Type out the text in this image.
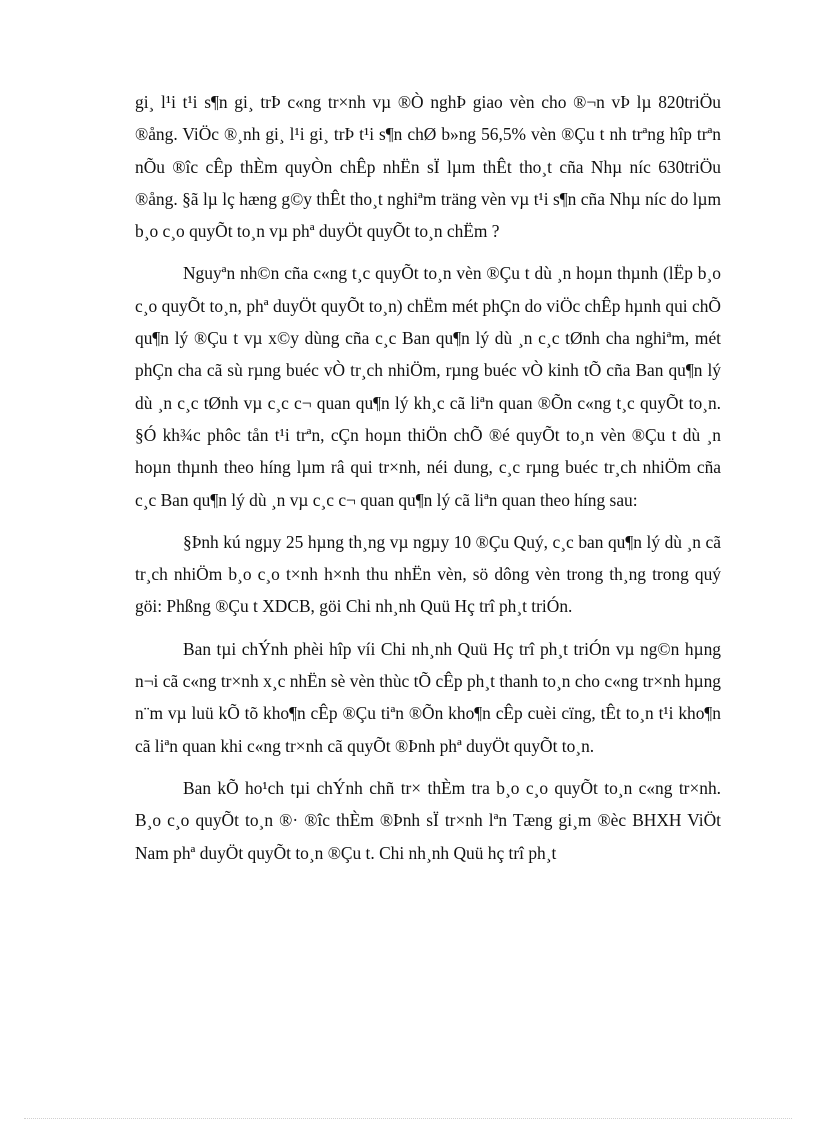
gi¸ l¹i t¹i s¶n gi¸ trÞ c«ng tr×nh vµ ®Ò nghÞ giao vèn cho ®¬n vÞ lµ 820triÖu ®ång. ViÖc ®¸nh gi¸ l¹i gi¸ trÞ t¹i s¶n chØ b»ng 56,5% vèn ®Çu t nh trªng hîp trªn nÕu ®îc cÊp thÈm quyÒn chÊp nhËn sÏ lµm thÊt tho¸t cña Nhµ níc 630triÖu ®ång. §ã lµ lç hæng g©y thÊt tho¸t nghiªm träng vèn vµ t¹i s¶n cña Nhµ níc do lµm b¸o c¸o quyÕt to¸n vµ phª duyÖt quyÕt to¸n chËm ?

Nguyªn nh©n cña c«ng t¸c quyÕt to¸n vèn ®Çu t dù ¸n hoµn thµnh (lËp b¸o c¸o quyÕt to¸n, phª duyÖt quyÕt to¸n) chËm mét phÇn do viÖc chÊp hµnh qui chÕ qu¶n lý ®Çu t vµ x©y dùng cña c¸c Ban qu¶n lý dù ¸n c¸c tØnh cha nghiªm, mét phÇn cha cã sù rµng buéc vÒ tr¸ch nhiÖm, rµng buéc vÒ kinh tÕ cña Ban qu¶n lý dù ¸n c¸c tØnh vµ c¸c c¬ quan qu¶n lý kh¸c cã liªn quan ®Õn c«ng t¸c quyÕt to¸n. §Ó kh¾c phôc tån t¹i trªn, cÇn hoµn thiÖn chÕ ®é quyÕt to¸n vèn ®Çu t dù ¸n hoµn thµnh theo híng lµm râ qui tr×nh, néi dung, c¸c rµng buéc tr¸ch nhiÖm cña c¸c Ban qu¶n lý dù ¸n vµ c¸c c¬ quan qu¶n lý cã liªn quan theo híng sau:

§Þnh kú ngµy 25 hµng th¸ng vµ ngµy 10 ®Çu Quý, c¸c ban qu¶n lý dù ¸n cã tr¸ch nhiÖm b¸o c¸o t×nh h×nh thu nhËn vèn, sö dông vèn trong th¸ng trong quý göi: Phßng ®Çu t XDCB, göi Chi nh¸nh Quü Hç trî ph¸t triÓn.

Ban tµi chÝnh phèi hîp víi Chi nh¸nh Quü Hç trî ph¸t triÓn vµ ng©n hµng n¬i cã c«ng tr×nh x¸c nhËn sè vèn thùc tÕ cÊp ph¸t thanh to¸n cho c«ng tr×nh hµng n¨m vµ luü kÕ tõ kho¶n cÊp ®Çu tiªn ®Õn kho¶n cÊp cuèi cïng, tÊt to¸n t¹i kho¶n cã liªn quan khi c«ng tr×nh cã quyÕt ®Þnh phª duyÖt quyÕt to¸n.

Ban kÕ ho¹ch tµi chÝnh chñ tr× thÈm tra b¸o c¸o quyÕt to¸n c«ng tr×nh. B¸o c¸o quyÕt to¸n ®· ®îc thÈm ®Þnh sÏ tr×nh lªn Tæng gi¸m ®èc BHXH ViÖt Nam phª duyÖt quyÕt to¸n ®Çu t. Chi nh¸nh Quü hç trî ph¸t
